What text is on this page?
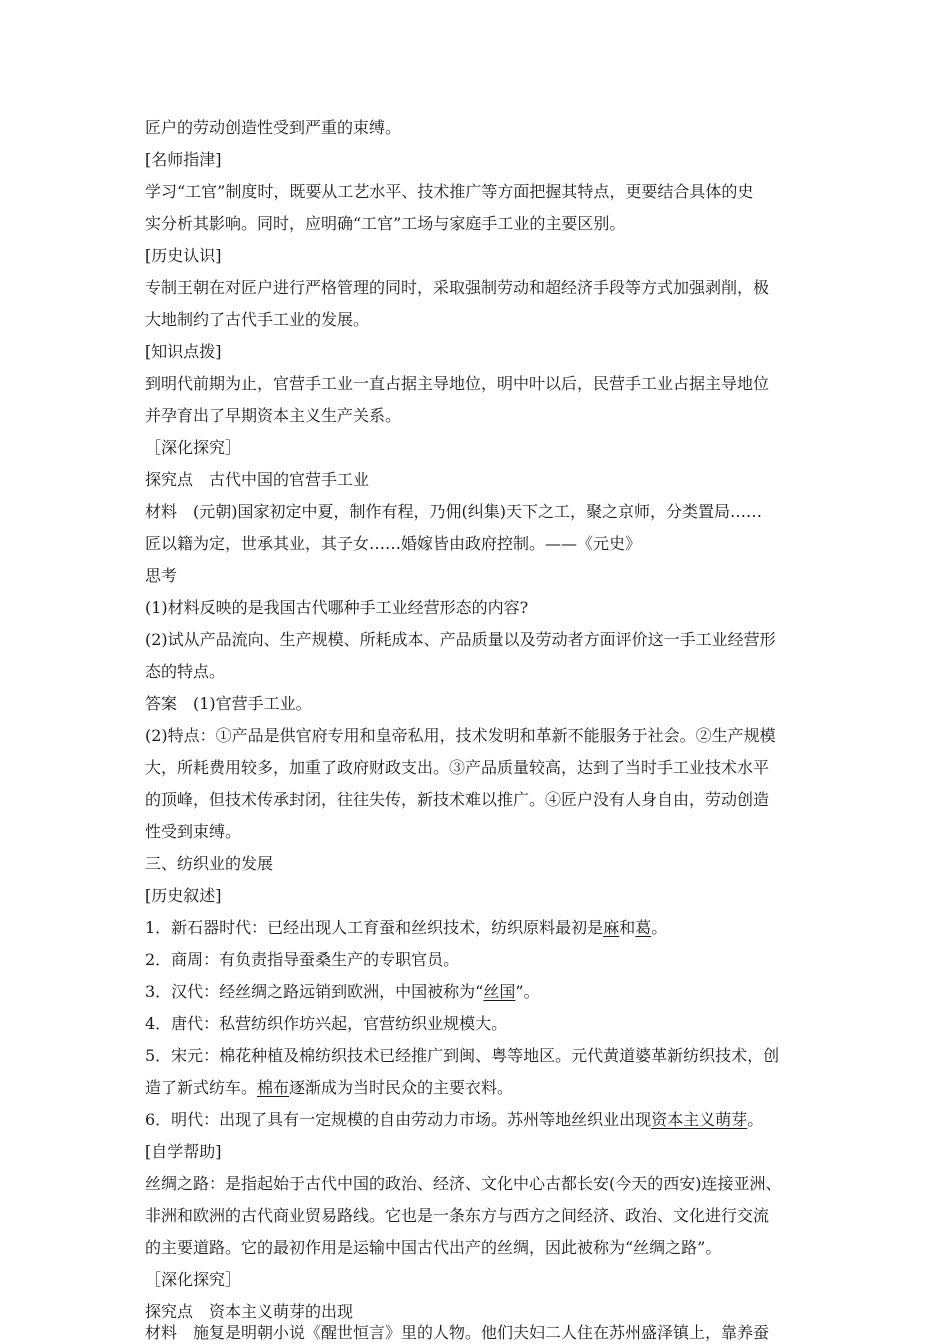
匠户的劳动创造性受到严重的束缚。
[名师指津]
学习“工官”制度时，既要从工艺水平、技术推广等方面把握其特点，更要结合具体的史
实分析其影响。同时，应明确“工官”工场与家庭手工业的主要区别。
[历史认识]
专制王朝在对匠户进行严格管理的同时，采取强制劳动和超经济手段等方式加强剥削，极
大地制约了古代手工业的发展。
[知识点拨]
到明代前期为止，官营手工业一直占据主导地位，明中叶以后，民营手工业占据主导地位
并孕育出了早期资本主义生产关系。
［深化探究］
探究点　古代中国的官营手工业
材料　(元朝)国家初定中夏，制作有程，乃佣(纠集)天下之工，聚之京师，分类置局……
匠以籍为定，世承其业，其子女……婚嫁皆由政府控制。——《元史》
思考
(1)材料反映的是我国古代哪种手工业经营形态的内容?
(2)试从产品流向、生产规模、所耗成本、产品质量以及劳动者方面评价这一手工业经营形
态的特点。
答案　(1)官营手工业。
(2)特点：①产品是供官府专用和皇帝私用，技术发明和革新不能服务于社会。②生产规模
大，所耗费用较多，加重了政府财政支出。③产品质量较高，达到了当时手工业技术水平
的顶峰，但技术传承封闭，往往失传，新技术难以推广。④匠户没有人身自由，劳动创造
性受到束缚。
三、纺织业的发展
[历史叙述]
1．新石器时代：已经出现人工育蚕和丝织技术，纺织原料最初是麻和葛。
2．商周：有负责指导蚕桑生产的专职官员。
3．汉代：经丝绸之路远销到欧洲，中国被称为“丝国”。
4．唐代：私营纺织作坊兴起，官营纺织业规模大。
5．宋元：棉花种植及棉纺织技术已经推广到闽、粤等地区。元代黄道婆革新纺织技术，创
造了新式纺车。棉布逐渐成为当时民众的主要衣料。
6．明代：出现了具有一定规模的自由劳动力市场。苏州等地丝织业出现资本主义萌芽。
[自学帮助]
丝绸之路：是指起始于古代中国的政治、经济、文化中心古都长安(今天的西安)连接亚洲、
非洲和欧洲的古代商业贸易路线。它也是一条东方与西方之间经济、政治、文化进行交流
的主要道路。它的最初作用是运输中国古代出产的丝绸，因此被称为“丝绸之路”。
［深化探究］
探究点　资本主义萌芽的出现
材料　施复是明朝小说《醒世恒言》里的人物。他们夫妇二人住在苏州盛泽镇上，靠养蚕
